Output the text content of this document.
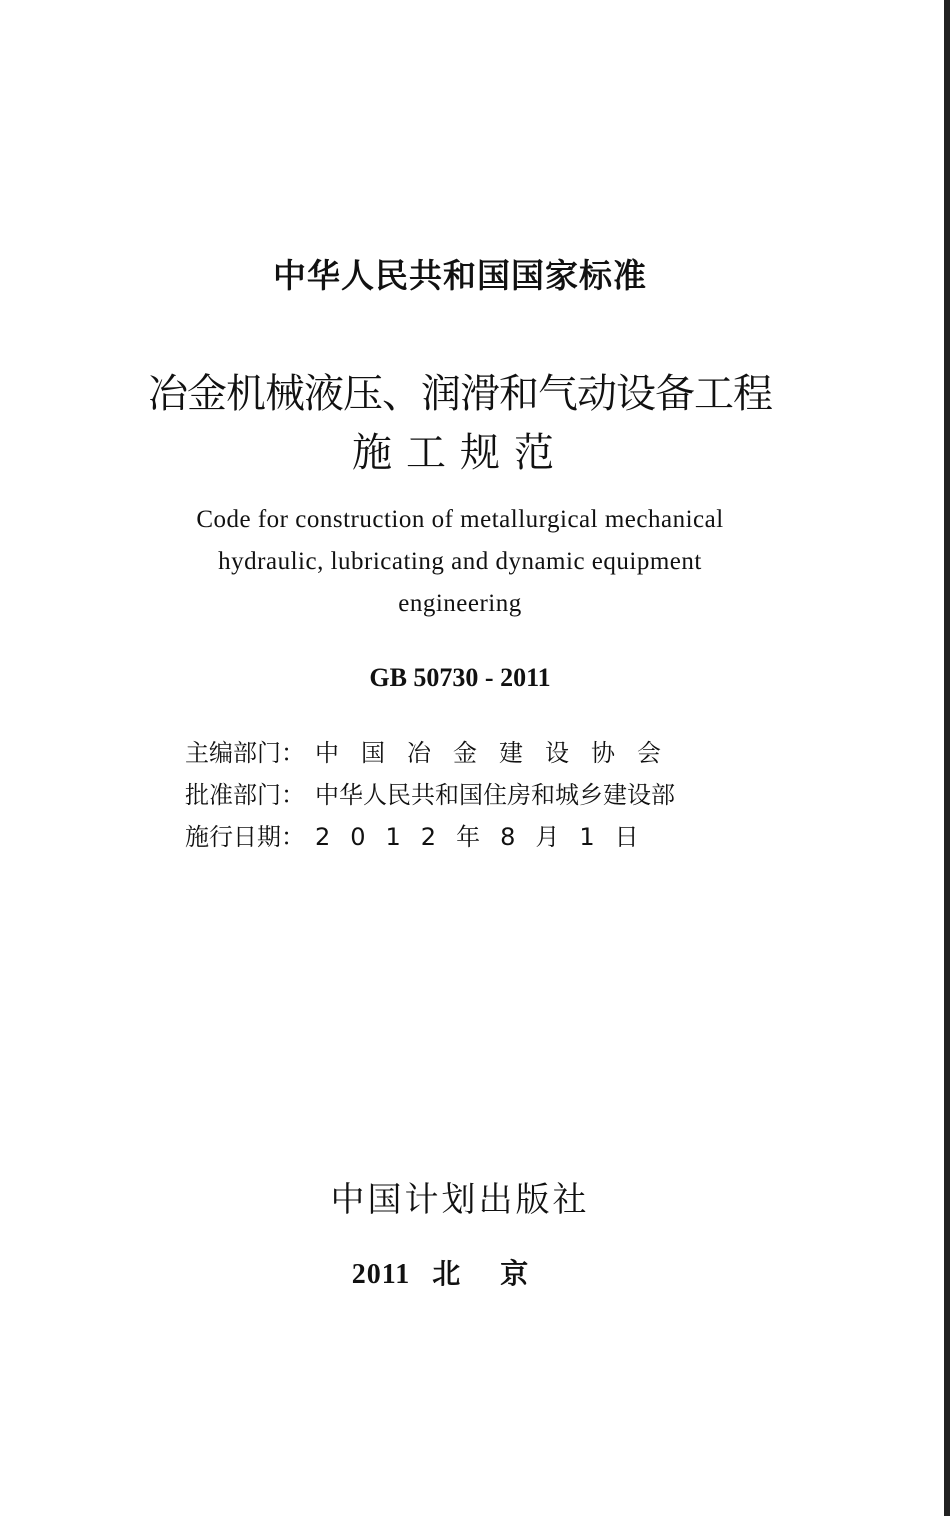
中华人民共和国国家标准
冶金机械液压、润滑和气动设备工程
施工规范
Code for construction of metallurgical mechanical
hydraulic, lubricating and dynamic equipment
engineering
GB 50730 - 2011
主编部门： 中国冶金建设协会
批准部门： 中华人民共和国住房和城乡建设部
施行日期： 2012年8月1日
中国计划出版社
2011 北京
